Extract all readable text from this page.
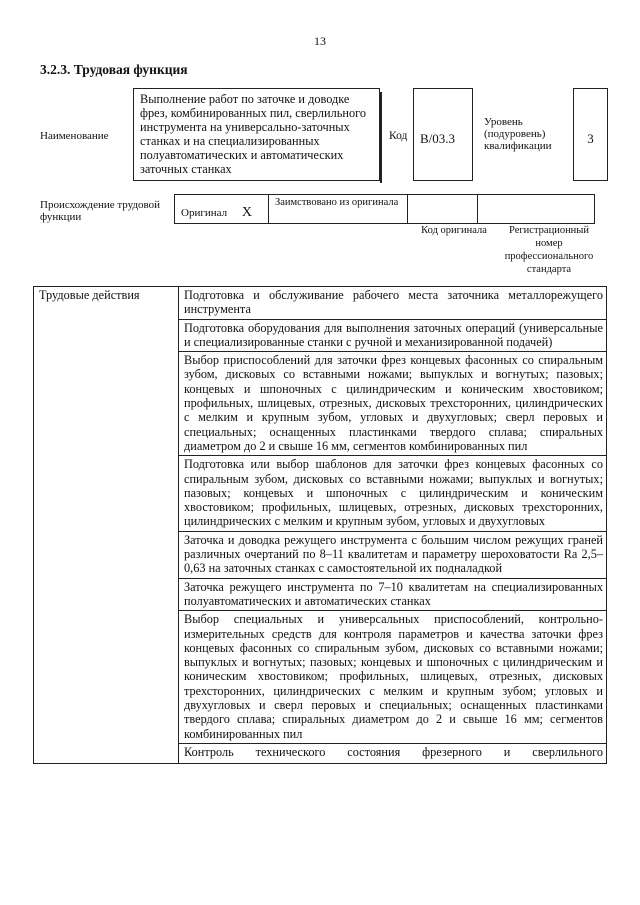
13
3.2.3. Трудовая функция
Наименование
Выполнение работ по заточке и доводке фрез, комбинированных пил, сверлильного инструмента на универсально-заточных станках и на специализированных полуавтоматических и автоматических заточных станках
Код B/03.3
Уровень (подуровень) квалификации	3
Происхождение трудовой функции	Оригинал X
Заимствовано из оригинала
Код оригинала	Регистрационный номер профессионального стандарта
Трудовые действия	Подготовка и обслуживание рабочего места заточника металлорежущего инструмента
Подготовка оборудования для выполнения заточных операций (универсальные и специализированные станки с ручной и механизированной подачей)
Выбор приспособлений для заточки фрез концевых фасонных со спиральным зубом, дисковых со вставными ножами; выпуклых и вогнутых; пазовых; концевых и шпоночных с цилиндрическим и коническим хвостовиком; профильных, шлицевых, отрезных, дисковых трехсторонних, цилиндрических с мелким и крупным зубом, угловых и двухугловых; сверл перовых и специальных; оснащенных пластинками твердого сплава; спиральных диаметром до 2 и свыше 16 мм, сегментов комбинированных пил
Подготовка или выбор шаблонов для заточки фрез концевых фасонных со спиральным зубом, дисковых со вставными ножами; выпуклых и вогнутых; пазовых; концевых и шпоночных с цилиндрическим и коническим хвостовиком; профильных, шлицевых, отрезных, дисковых трехсторонних, цилиндрических с мелким и крупным зубом, угловых и двухугловых
Заточка и доводка режущего инструмента с большим числом режущих граней различных очертаний по 8–11 квалитетам и параметру шероховатости Ra 2,5–0,63 на заточных станках с самостоятельной их подналадкой
Заточка режущего инструмента по 7–10 квалитетам на специализированных полуавтоматических и автоматических станках
Выбор специальных и универсальных приспособлений, контрольно-измерительных средств для контроля параметров и качества заточки фрез концевых фасонных со спиральным зубом, дисковых со вставными ножами; выпуклых и вогнутых; пазовых; концевых и шпоночных с цилиндрическим и коническим хвостовиком; профильных, шлицевых, отрезных, дисковых трехсторонних, цилиндрических с мелким и крупным зубом; угловых и двухугловых и сверл перовых и специальных; оснащенных пластинками твердого сплава; спиральных диаметром до 2 и свыше 16 мм; сегментов комбинированных пил

Контроль технического состояния фрезерного и сверлильного
